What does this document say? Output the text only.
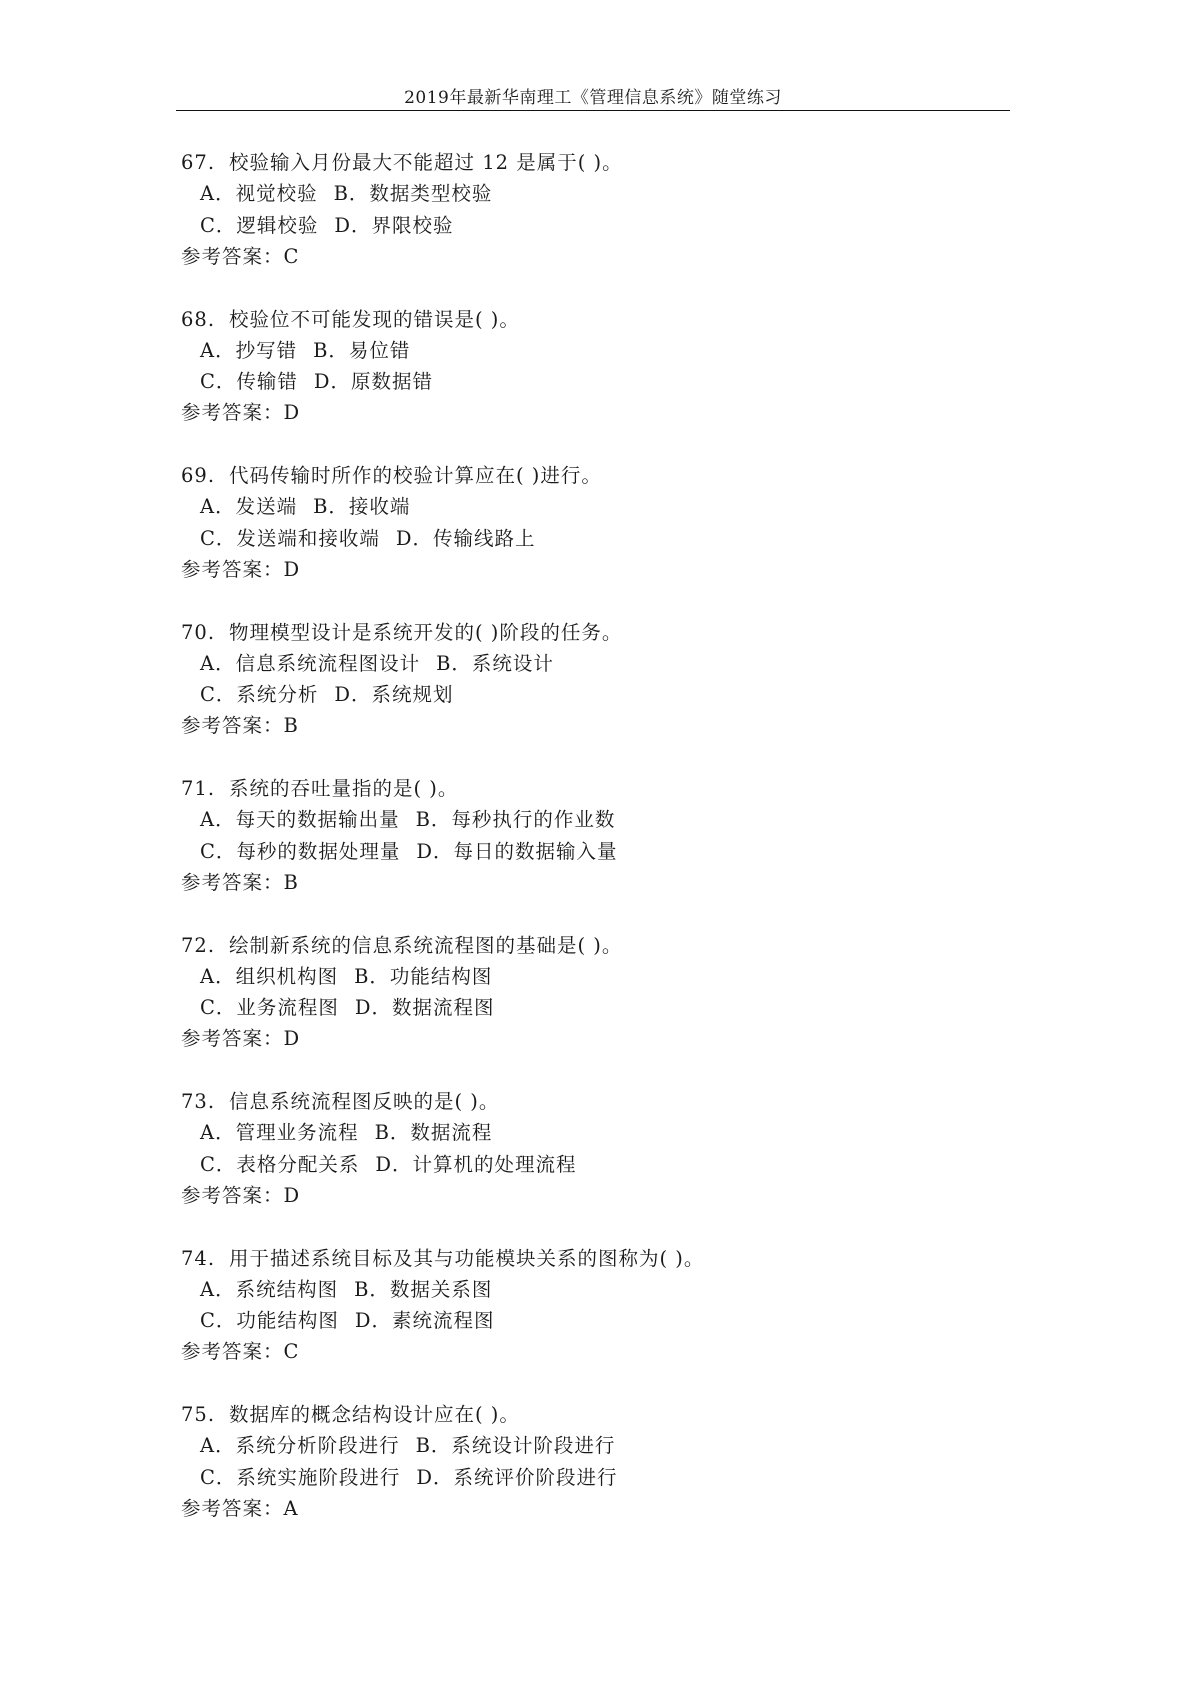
2019年最新华南理工《管理信息系统》随堂练习
67. 校验输入月份最大不能超过 12 是属于( )。
A．视觉校验 B．数据类型校验
C．逻辑校验 D．界限校验
参考答案：C
68. 校验位不可能发现的错误是( )。
A．抄写错 B．易位错
C．传输错 D．原数据错
参考答案：D
69. 代码传输时所作的校验计算应在( )进行。
A．发送端 B．接收端
C．发送端和接收端 D．传输线路上
参考答案：D
70. 物理模型设计是系统开发的( )阶段的任务。
A．信息系统流程图设计 B．系统设计
C．系统分析 D．系统规划
参考答案：B
71. 系统的吞吐量指的是( )。
A．每天的数据输出量 B．每秒执行的作业数
C．每秒的数据处理量 D．每日的数据输入量
参考答案：B
72. 绘制新系统的信息系统流程图的基础是( )。
A．组织机构图 B．功能结构图
C．业务流程图 D．数据流程图
参考答案：D
73. 信息系统流程图反映的是( )。
A．管理业务流程 B．数据流程
C．表格分配关系 D．计算机的处理流程
参考答案：D
74. 用于描述系统目标及其与功能模块关系的图称为( )。
A．系统结构图 B．数据关系图
C．功能结构图 D．素统流程图
参考答案：C
75. 数据库的概念结构设计应在( )。
A．系统分析阶段进行 B．系统设计阶段进行
C．系统实施阶段进行 D．系统评价阶段进行
参考答案：A
